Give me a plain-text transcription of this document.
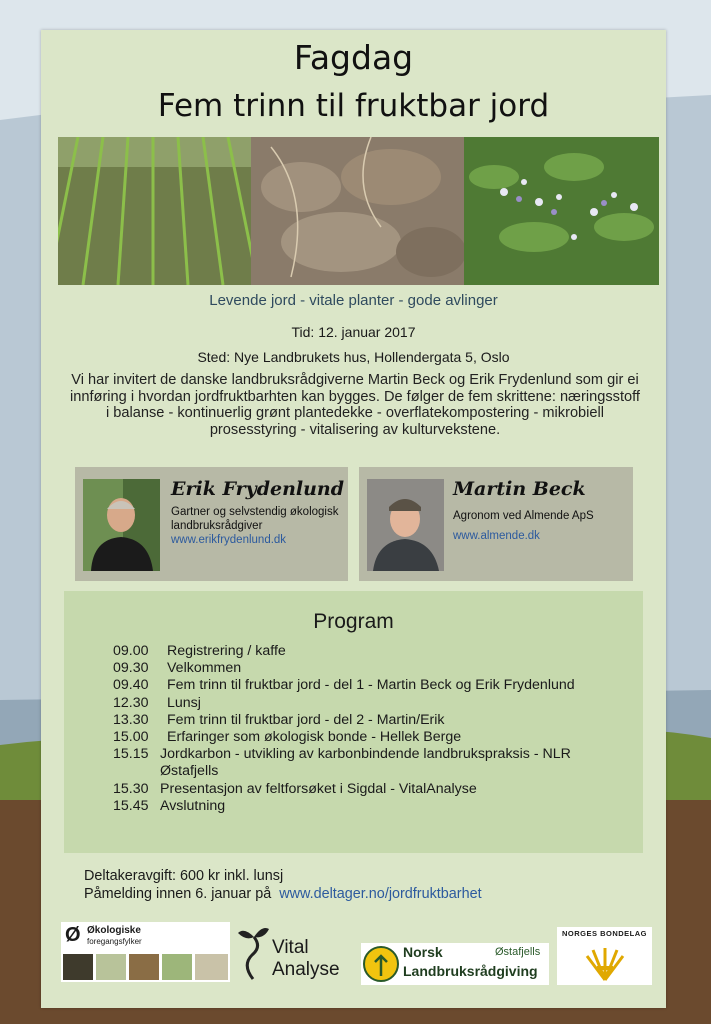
Fagdag
Fem trinn til fruktbar jord
Levende jord - vitale planter - gode avlinger
Tid: 12. januar 2017
Sted: Nye Landbrukets hus, Hollendergata 5, Oslo
Vi har invitert de danske landbruksrådgiverne Martin Beck og Erik Frydenlund som gir ei innføring i hvordan jordfruktbarhten kan bygges. De følger de fem skrittene: næringsstoff i balanse - kontinuerlig grønt plantedekke - overflatekompostering - mikrobiell prosesstyring - vitalisering av kulturvekstene.
Erik Frydenlund
Gartner og selvstendig økologisk landbruksrådgiver
www.erikfrydenlund.dk
Martin Beck
Agronom ved Almende ApS
www.almende.dk
Program
09.00 Registrering / kaffe
09.30 Velkommen
09.40 Fem trinn til fruktbar jord - del 1 - Martin Beck og Erik Frydenlund
12.30 Lunsj
13.30 Fem trinn til fruktbar jord - del 2 - Martin/Erik
15.00 Erfaringer som økologisk bonde - Hellek Berge
15.15 Jordkarbon - utvikling av karbonbindende landbrukspraksis - NLR Østafjells
15.30 Presentasjon av feltforsøket i Sigdal - VitalAnalyse
15.45 Avslutning
Deltakeravgift: 600 kr inkl. lunsj
Påmelding innen 6. januar på www.deltager.no/jordfruktbarhet
Ø Økologiske
foregangsfylker	Vital
Analyse
Norsk	Østafjells
Landbruksrådgiving
NORGES BONDELAG
